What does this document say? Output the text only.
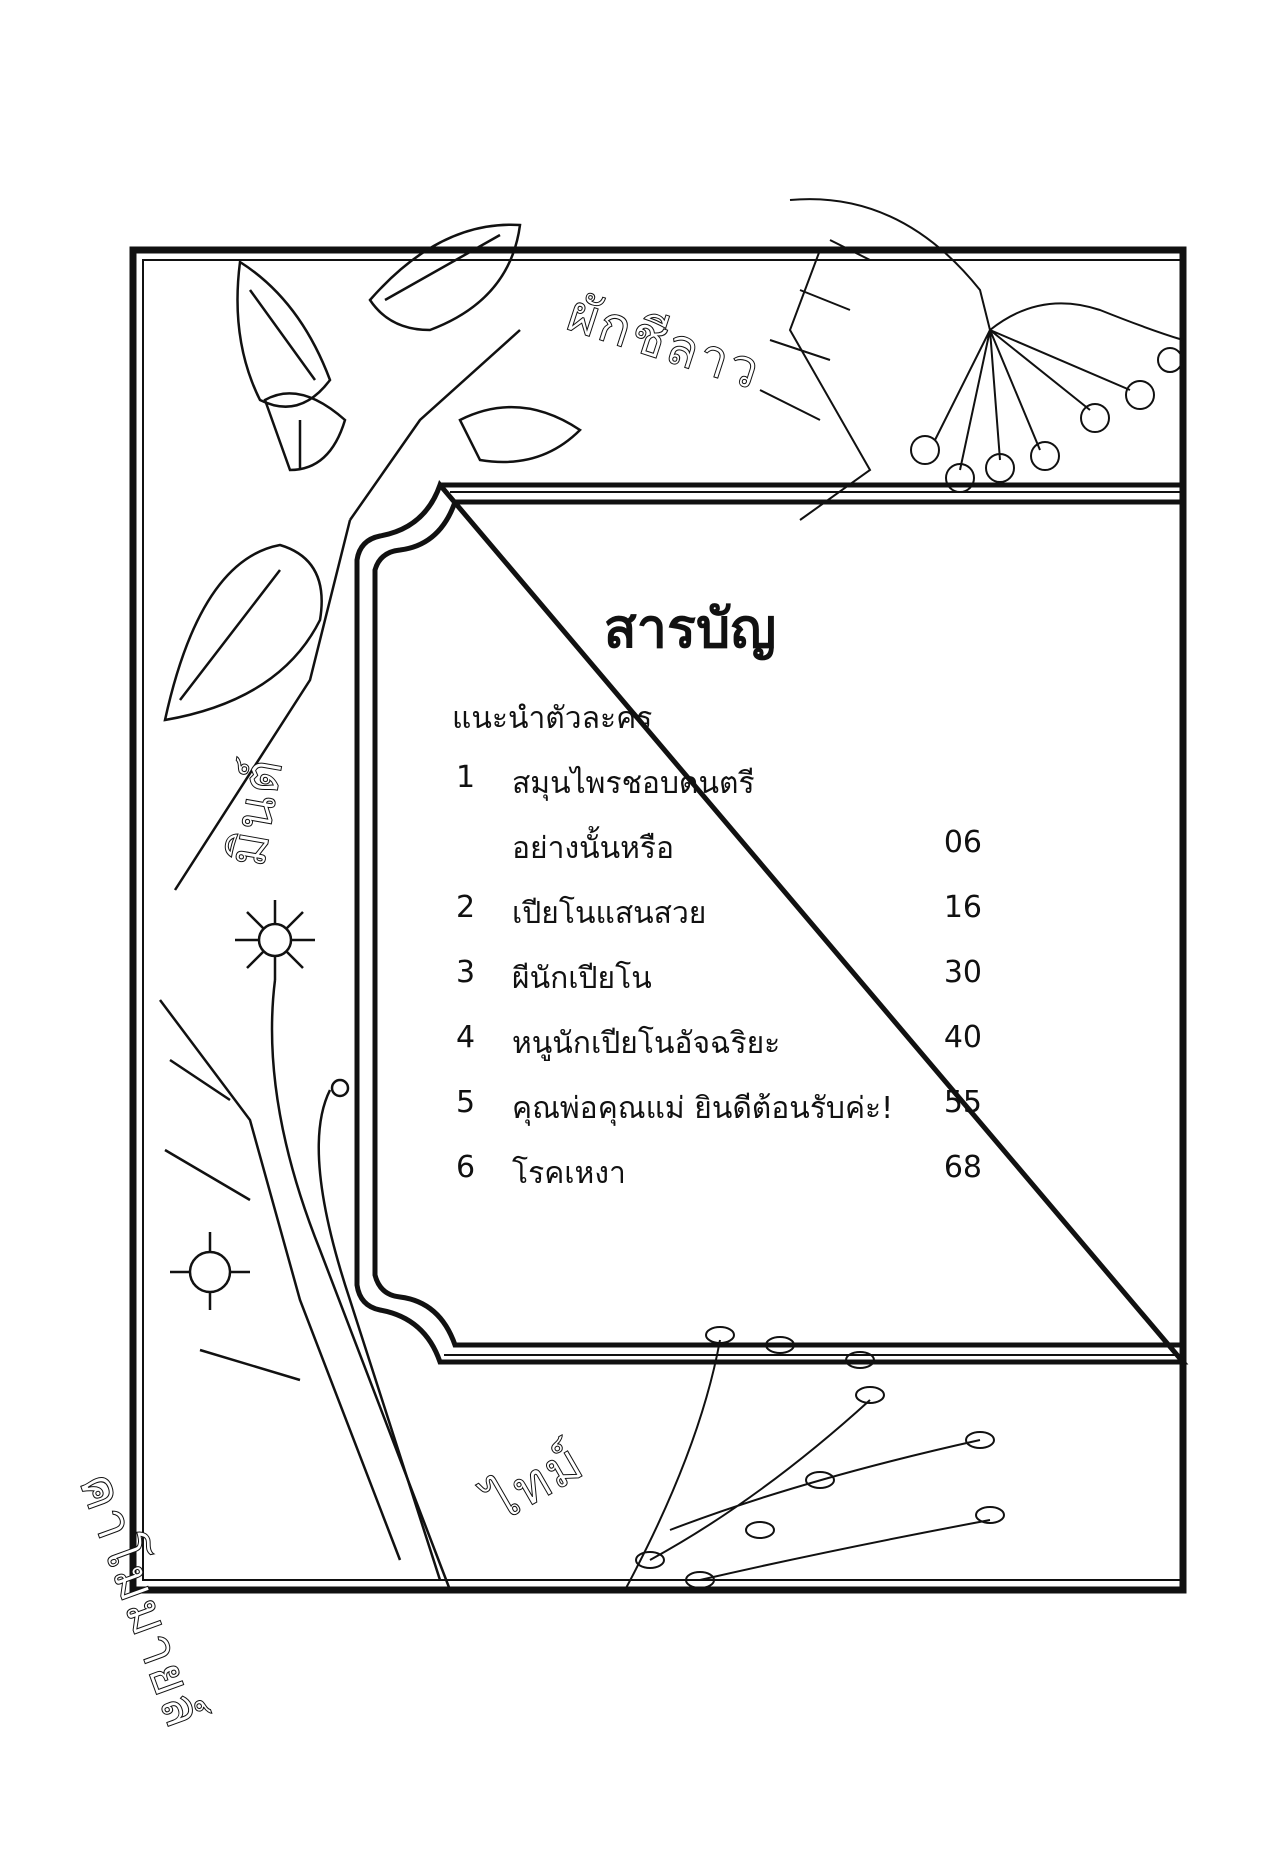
ผักชีลาว
มินต์
คาโมมายล์	ไทม์
สารบัญ
แนะนำตัวละคร
1 สมุนไพรชอบดนตรี
อย่างนั้นหรือ	06
2 เปียโนแสนสวย	16
3 ผีนักเปียโน	30
4 หนูนักเปียโนอัจฉริยะ	40
5 คุณพ่อคุณแม่ ยินดีต้อนรับค่ะ! 55
6 โรคเหงา	68
